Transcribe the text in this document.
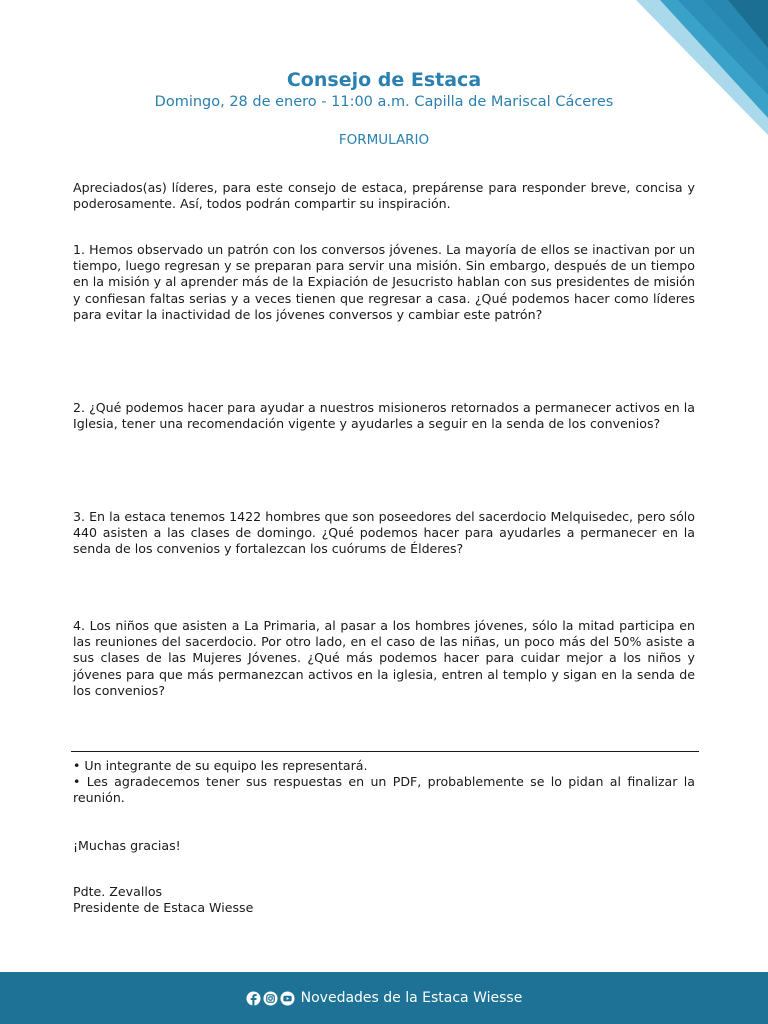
Consejo de Estaca
Domingo, 28 de enero - 11:00 a.m. Capilla de Mariscal Cáceres
FORMULARIO

Apreciados(as) líderes, para este consejo de estaca, prepárense para responder breve, concisa y poderosamente. Así, todos podrán compartir su inspiración.

1. Hemos observado un patrón con los conversos jóvenes. La mayoría de ellos se inactivan por un tiempo, luego regresan y se preparan para servir una misión. Sin embargo, después de un tiempo en la misión y al aprender más de la Expiación de Jesucristo hablan con sus presidentes de misión y confiesan faltas serias y a veces tienen que regresar a casa. ¿Qué podemos hacer como líderes para evitar la inactividad de los jóvenes conversos y cambiar este patrón?

2. ¿Qué podemos hacer para ayudar a nuestros misioneros retornados a permanecer activos en la Iglesia, tener una recomendación vigente y ayudarles a seguir en la senda de los convenios?

3. En la estaca tenemos 1422 hombres que son poseedores del sacerdocio Melquisedec, pero sólo 440 asisten a las clases de domingo. ¿Qué podemos hacer para ayudarles a permanecer en la senda de los convenios y fortalezcan los cuórums de Élderes?

4. Los niños que asisten a La Primaria, al pasar a los hombres jóvenes, sólo la mitad participa en las reuniones del sacerdocio. Por otro lado, en el caso de las niñas, un poco más del 50% asiste a sus clases de las Mujeres Jóvenes. ¿Qué más podemos hacer para cuidar mejor a los niños y jóvenes para que más permanezcan activos en la iglesia, entren al templo y sigan en la senda de los convenios?

• Un integrante de su equipo les representará.
• Les agradecemos tener sus respuestas en un PDF, probablemente se lo pidan al finalizar la reunión.

¡Muchas gracias!

Pdte. Zevallos
Presidente de Estaca Wiesse
Novedades de la Estaca Wiesse
